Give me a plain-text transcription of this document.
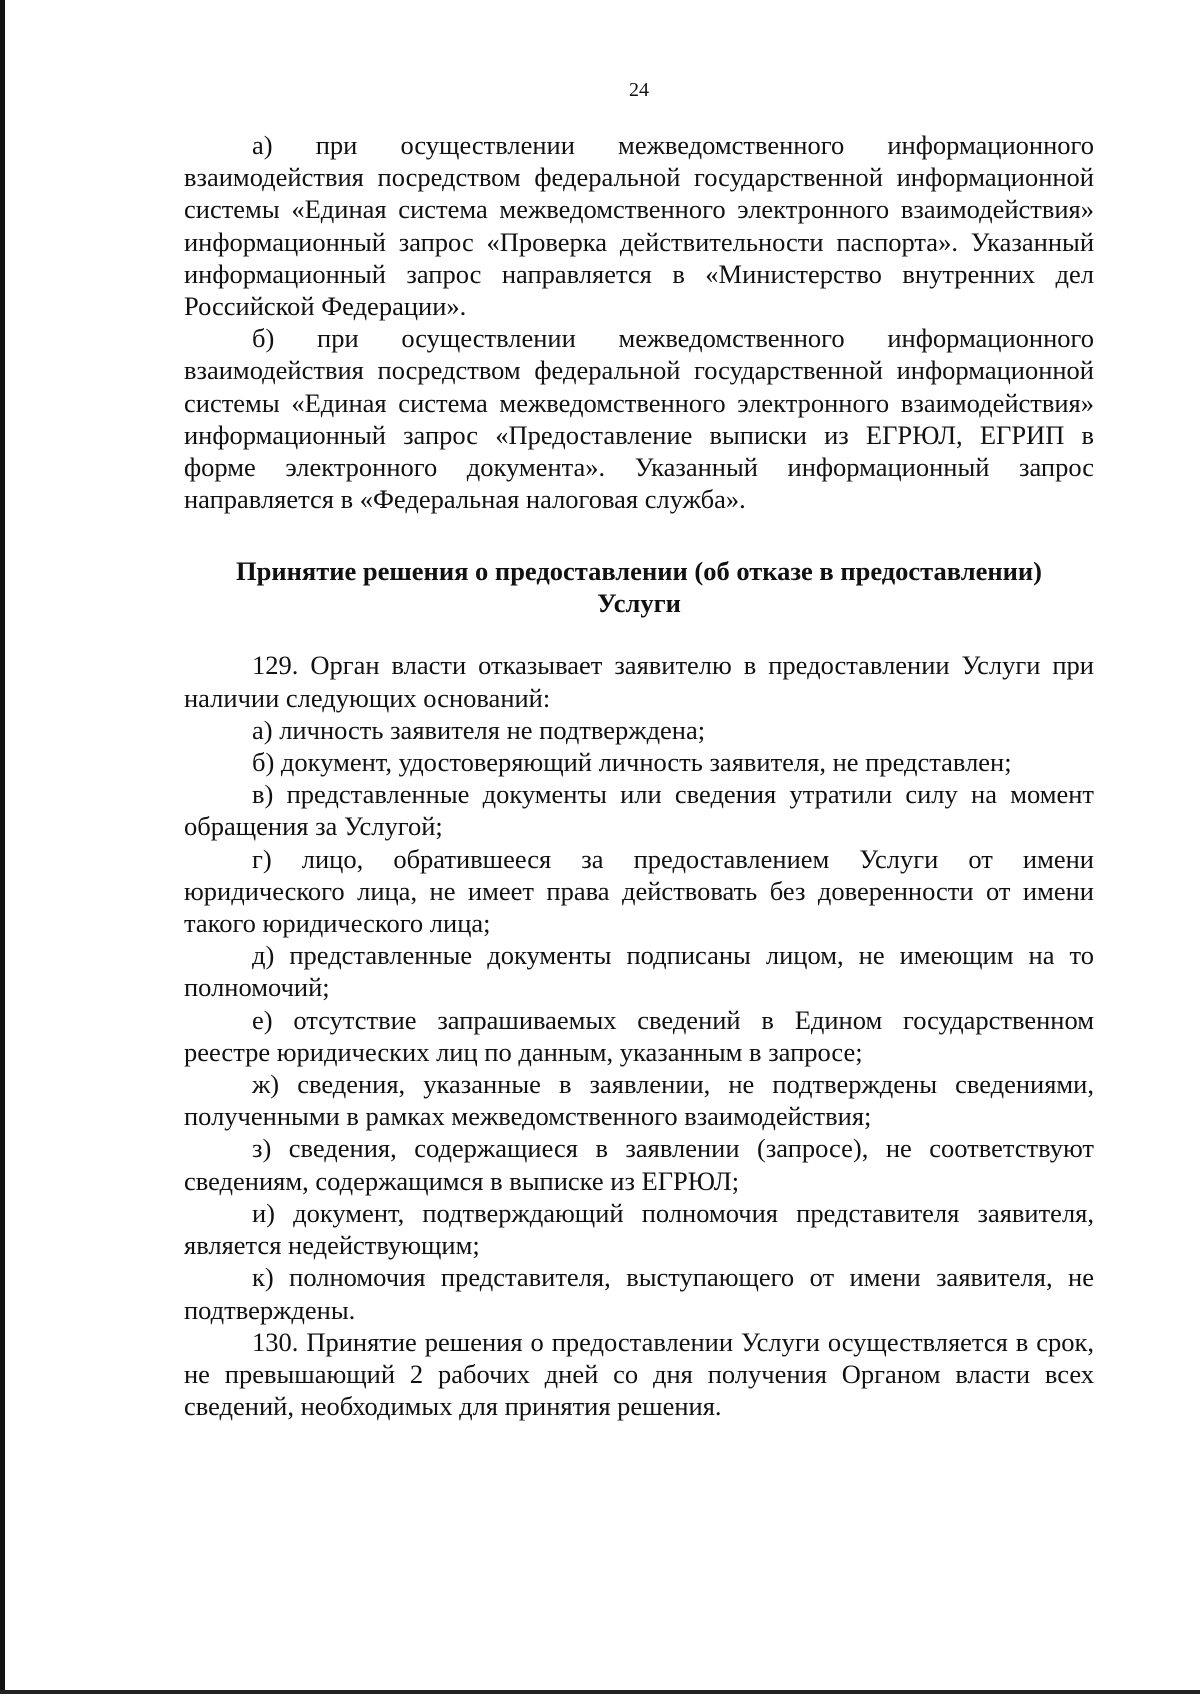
24

а) при осуществлении межведомственного информационного взаимодействия посредством федеральной государственной информационной системы «Единая система межведомственного электронного взаимодействия» информационный запрос «Проверка действительности паспорта». Указанный информационный запрос направляется в «Министерство внутренних дел Российской Федерации».

б) при осуществлении межведомственного информационного взаимодействия посредством федеральной государственной информационной системы «Единая система межведомственного электронного взаимодействия» информационный запрос «Предоставление выписки из ЕГРЮЛ, ЕГРИП в форме электронного документа». Указанный информационный запрос направляется в «Федеральная налоговая служба».

Принятие решения о предоставлении (об отказе в предоставлении)
Услуги

129. Орган власти отказывает заявителю в предоставлении Услуги при наличии следующих оснований:

а) личность заявителя не подтверждена;

б) документ, удостоверяющий личность заявителя, не представлен;

в) представленные документы или сведения утратили силу на момент обращения за Услугой;

г) лицо, обратившееся за предоставлением Услуги от имени юридического лица, не имеет права действовать без доверенности от имени такого юридического лица;

д) представленные документы подписаны лицом, не имеющим на то полномочий;

е) отсутствие запрашиваемых сведений в Едином государственном реестре юридических лиц по данным, указанным в запросе;

ж) сведения, указанные в заявлении, не подтверждены сведениями, полученными в рамках межведомственного взаимодействия;

з) сведения, содержащиеся в заявлении (запросе), не соответствуют сведениям, содержащимся в выписке из ЕГРЮЛ;

и) документ, подтверждающий полномочия представителя заявителя, является недействующим;

к) полномочия представителя, выступающего от имени заявителя, не подтверждены.

130. Принятие решения о предоставлении Услуги осуществляется в срок, не превышающий 2 рабочих дней со дня получения Органом власти всех сведений, необходимых для принятия решения.
